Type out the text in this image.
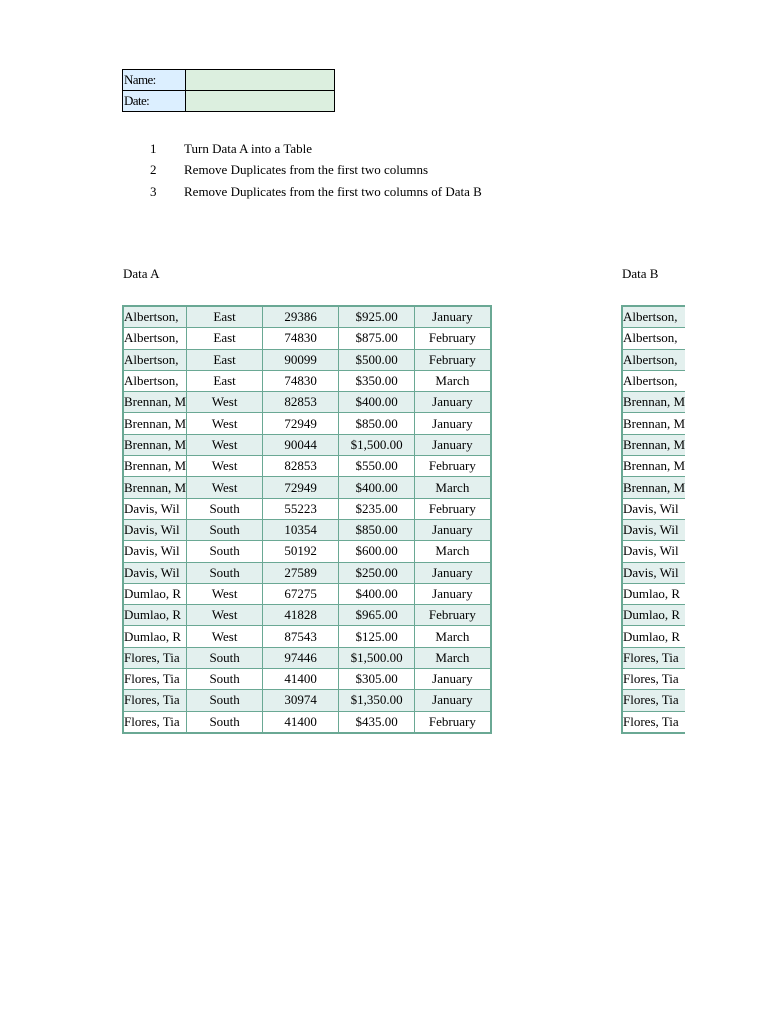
Name:	
Date:	
1	Turn Data A into a Table
2	Remove Duplicates from the first two columns
3	Remove Duplicates from the first two columns of Data B
Data A	Data B
Albertson,	East	29386	$925.00	January
Albertson,	East	74830	$875.00	February
Albertson,	East	90099	$500.00	February
Albertson,	East	74830	$350.00	March
Brennan, M	West	82853	$400.00	January
Brennan, M	West	72949	$850.00	January
Brennan, M	West	90044	$1,500.00	January
Brennan, M	West	82853	$550.00	February
Brennan, M	West	72949	$400.00	March
Davis, Wil	South	55223	$235.00	February
Davis, Wil	South	10354	$850.00	January
Davis, Wil	South	50192	$600.00	March
Davis, Wil	South	27589	$250.00	January
Dumlao, R	West	67275	$400.00	January
Dumlao, R	West	41828	$965.00	February
Dumlao, R	West	87543	$125.00	March
Flores, Tia	South	97446	$1,500.00	March
Flores, Tia	South	41400	$305.00	January
Flores, Tia	South	30974	$1,350.00	January
Flores, Tia	South	41400	$435.00	February
Albertson,
Albertson,
Albertson,
Albertson,
Brennan, M
Brennan, M
Brennan, M
Brennan, M
Brennan, M
Davis, Wil
Davis, Wil
Davis, Wil
Davis, Wil
Dumlao, R
Dumlao, R
Dumlao, R
Flores, Tia
Flores, Tia
Flores, Tia
Flores, Tia
